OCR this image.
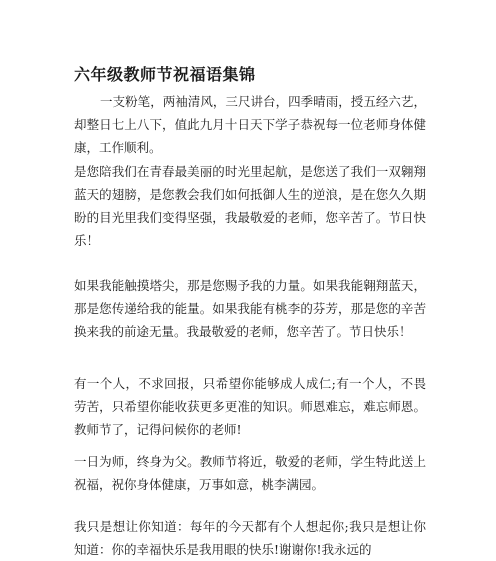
六年级教师节祝福语集锦
一支粉笔，两袖清风，三尺讲台，四季晴雨，授五经六艺，却整日七上八下，值此九月十日天下学子恭祝每一位老师身体健康，工作顺利。
是您陪我们在青春最美丽的时光里起航，是您送了我们一双翱翔蓝天的翅膀，是您教会我们如何抵御人生的逆浪，是在您久久期盼的目光里我们变得坚强，我最敬爱的老师，您辛苦了。节日快乐！
如果我能触摸塔尖，那是您赐予我的力量。如果我能翱翔蓝天，那是您传递给我的能量。如果我能有桃李的芬芳，那是您的辛苦换来我的前途无量。我最敬爱的老师，您辛苦了。节日快乐！
有一个人，不求回报，只希望你能够成人成仁;有一个人，不畏劳苦，只希望你能收获更多更准的知识。师恩难忘，难忘师恩。教师节了，记得问候你的老师!
一日为师，终身为父。教师节将近，敬爱的老师，学生特此送上祝福，祝你身体健康，万事如意，桃李满园。
我只是想让你知道：每年的今天都有个人想起你;我只是想让你知道：你的幸福快乐是我用眼的快乐!谢谢你!我永远的
